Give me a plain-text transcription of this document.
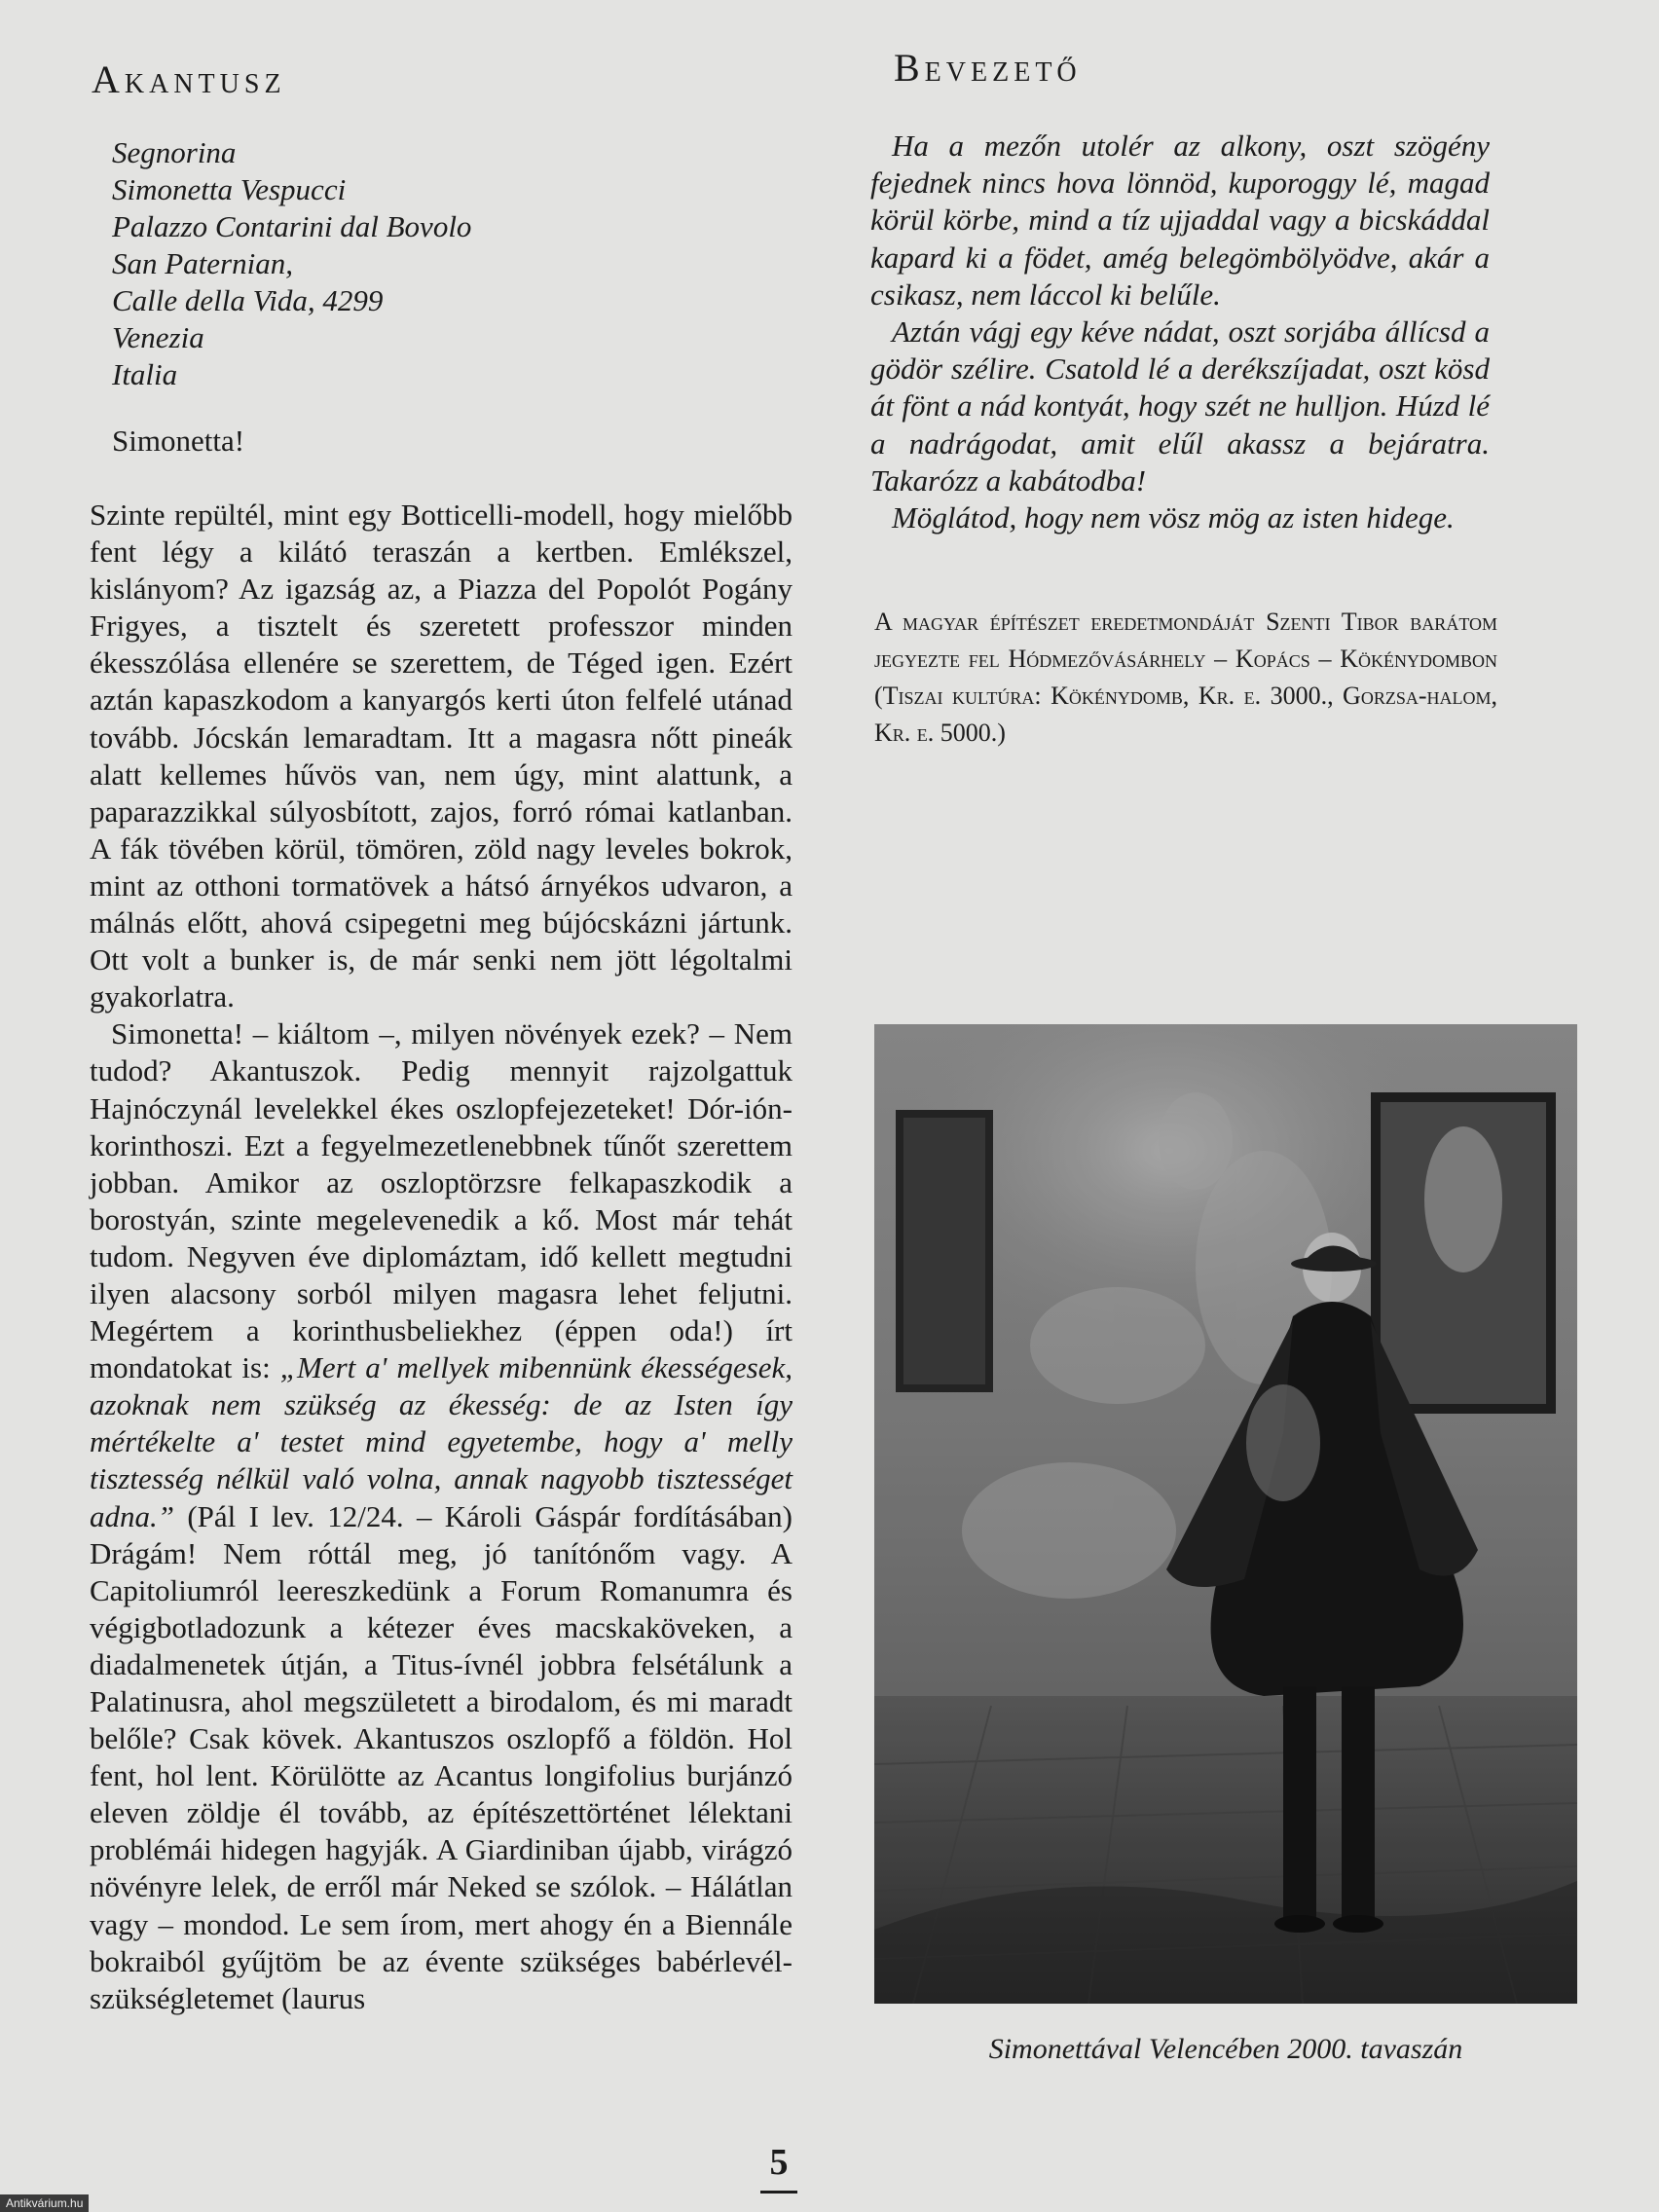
Akantusz
Segnorina
Simonetta Vespucci
Palazzo Contarini dal Bovolo
San Paternian,
Calle della Vida, 4299
Venezia
Italia
Simonetta!

Szinte repültél, mint egy Botticelli-modell, hogy mielőbb fent légy a kilátó teraszán a kertben. Emlékszel, kislányom? Az igazság az, a Piazza del Popolót Pogány Frigyes, a tisztelt és szeretett professzor minden ékesszólása ellenére se szerettem, de Téged igen. Ezért aztán kapaszkodom a kanyargós kerti úton felfelé utánad tovább. Jócskán lemaradtam. Itt a magasra nőtt pineák alatt kellemes hűvös van, nem úgy, mint alattunk, a paparazzikkal súlyosbított, zajos, forró római katlanban. A fák tövében körül, tömören, zöld nagy leveles bokrok, mint az otthoni tormatövek a hátsó árnyékos udvaron, a málnás előtt, ahová csipegetni meg bújócskázni jártunk. Ott volt a bunker is, de már senki nem jött légoltalmi gyakorlatra.

Simonetta! – kiáltom –, milyen növények ezek? – Nem tudod? Akantuszok. Pedig mennyit rajzolgattuk Hajnóczynál levelekkel ékes oszlopfejezeteket! Dór-ión-korinthoszi. Ezt a fegyelmezetlenebbnek tűnőt szerettem jobban. Amikor az oszloptörzsre felkapaszkodik a borostyán, szinte megelevenedik a kő. Most már tehát tudom. Negyven éve diplomáztam, idő kellett megtudni ilyen alacsony sorból milyen magasra lehet feljutni. Megértem a korinthusbeliekhez (éppen oda!) írt mondatokat is: „Mert a' mellyek mibennünk ékességesek, azoknak nem szükség az ékesség: de az Isten így mértékelte a' testet mind egyetembe, hogy a' melly tisztesség nélkül való volna, annak nagyobb tisztességet adna.” (Pál I lev. 12/24. – Károli Gáspár fordításában) Drágám! Nem róttál meg, jó tanítónőm vagy. A Capitoliumról leereszkedünk a Forum Romanumra és végigbotladozunk a kétezer éves macskaköveken, a diadalmenetek útján, a Titus-ívnél jobbra felsétálunk a Palatinusra, ahol megszületett a birodalom, és mi maradt belőle? Csak kövek. Akantuszos oszlopfő a földön. Hol fent, hol lent. Körülötte az Acantus longifolius burjánzó eleven zöldje él tovább, az építészettörténet lélektani problémái hidegen hagyják. A Giardiniban újabb, virágzó növényre lelek, de erről már Neked se szólok. – Hálátlan vagy – mondod. Le sem írom, mert ahogy én a Biennále bokraiból gyűjtöm be az évente szükséges babérlevél-szükségletemet (laurus

Bevezető

Ha a mezőn utolér az alkony, oszt szögény fejednek nincs hova lönnöd, kuporoggy lé, magad körül körbe, mind a tíz ujjaddal vagy a bicskáddal kapard ki a födet, amég belegömbölyödve, akár a csikasz, nem láccol ki belűle.

Aztán vágj egy kéve nádat, oszt sorjába állícsd a gödör szélire. Csatold lé a derékszíjadat, oszt kösd át fönt a nád kontyát, hogy szét ne hulljon. Húzd lé a nadrágodat, amit elűl akassz a bejáratra. Takarózz a kabátodba!

Möglátod, hogy nem vösz mög az isten hidege.

A magyar építészet eredetmondáját Szenti Tibor barátom jegyezte fel Hódmezővásárhely – Kopács – Kökénydombon (Tiszai kultúra: Kökénydomb, Kr. e. 3000., Gorzsa-halom, Kr. e. 5000.)
Simonettával Velencében 2000. tavaszán
5
Antikvárium.hu
